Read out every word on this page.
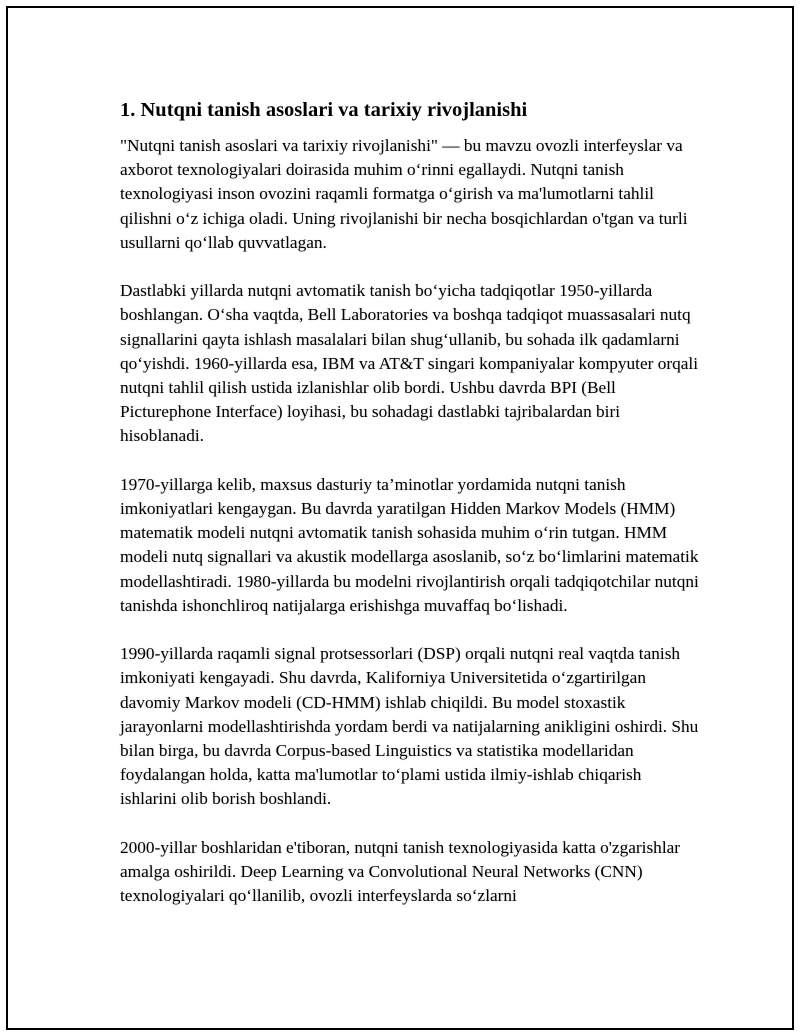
1. Nutqni tanish asoslari va tarixiy rivojlanishi

"Nutqni tanish asoslari va tarixiy rivojlanishi" — bu mavzu ovozli interfeyslar va axborot texnologiyalari doirasida muhim oʻrinni egallaydi. Nutqni tanish texnologiyasi inson ovozini raqamli formatga oʻgirish va ma'lumotlarni tahlil qilishni oʻz ichiga oladi. Uning rivojlanishi bir necha bosqichlardan o'tgan va turli usullarni qoʻllab quvvatlagan.

Dastlabki yillarda nutqni avtomatik tanish boʻyicha tadqiqotlar 1950-yillarda boshlangan. Oʻsha vaqtda, Bell Laboratories va boshqa tadqiqot muassasalari nutq signallarini qayta ishlash masalalari bilan shugʻullanib, bu sohada ilk qadamlarni qoʻyishdi. 1960-yillarda esa, IBM va AT&T singari kompaniyalar kompyuter orqali nutqni tahlil qilish ustida izlanishlar olib bordi. Ushbu davrda BPI (Bell Picturephone Interface) loyihasi, bu sohadagi dastlabki tajribalardan biri hisoblanadi.

1970-yillarga kelib, maxsus dasturiy ta’minotlar yordamida nutqni tanish imkoniyatlari kengaygan. Bu davrda yaratilgan Hidden Markov Models (HMM) matematik modeli nutqni avtomatik tanish sohasida muhim oʻrin tutgan. HMM modeli nutq signallari va akustik modellarga asoslanib, soʻz boʻlimlarini matematik modellashtiradi. 1980-yillarda bu modelni rivojlantirish orqali tadqiqotchilar nutqni tanishda ishonchliroq natijalarga erishishga muvaffaq boʻlishadi.

1990-yillarda raqamli signal protsessorlari (DSP) orqali nutqni real vaqtda tanish imkoniyati kengayadi. Shu davrda, Kaliforniya Universitetida oʻzgartirilgan davomiy Markov modeli (CD-HMM) ishlab chiqildi. Bu model stoxastik jarayonlarni modellashtirishda yordam berdi va natijalarning anikligini oshirdi. Shu bilan birga, bu davrda Corpus-based Linguistics va statistika modellaridan foydalangan holda, katta ma'lumotlar toʻplami ustida ilmiy-ishlab chiqarish ishlarini olib borish boshlandi.

2000-yillar boshlaridan e'tiboran, nutqni tanish texnologiyasida katta o'zgarishlar amalga oshirildi. Deep Learning va Convolutional Neural Networks (CNN) texnologiyalari qoʻllanilib, ovozli interfeyslarda soʻzlarni
